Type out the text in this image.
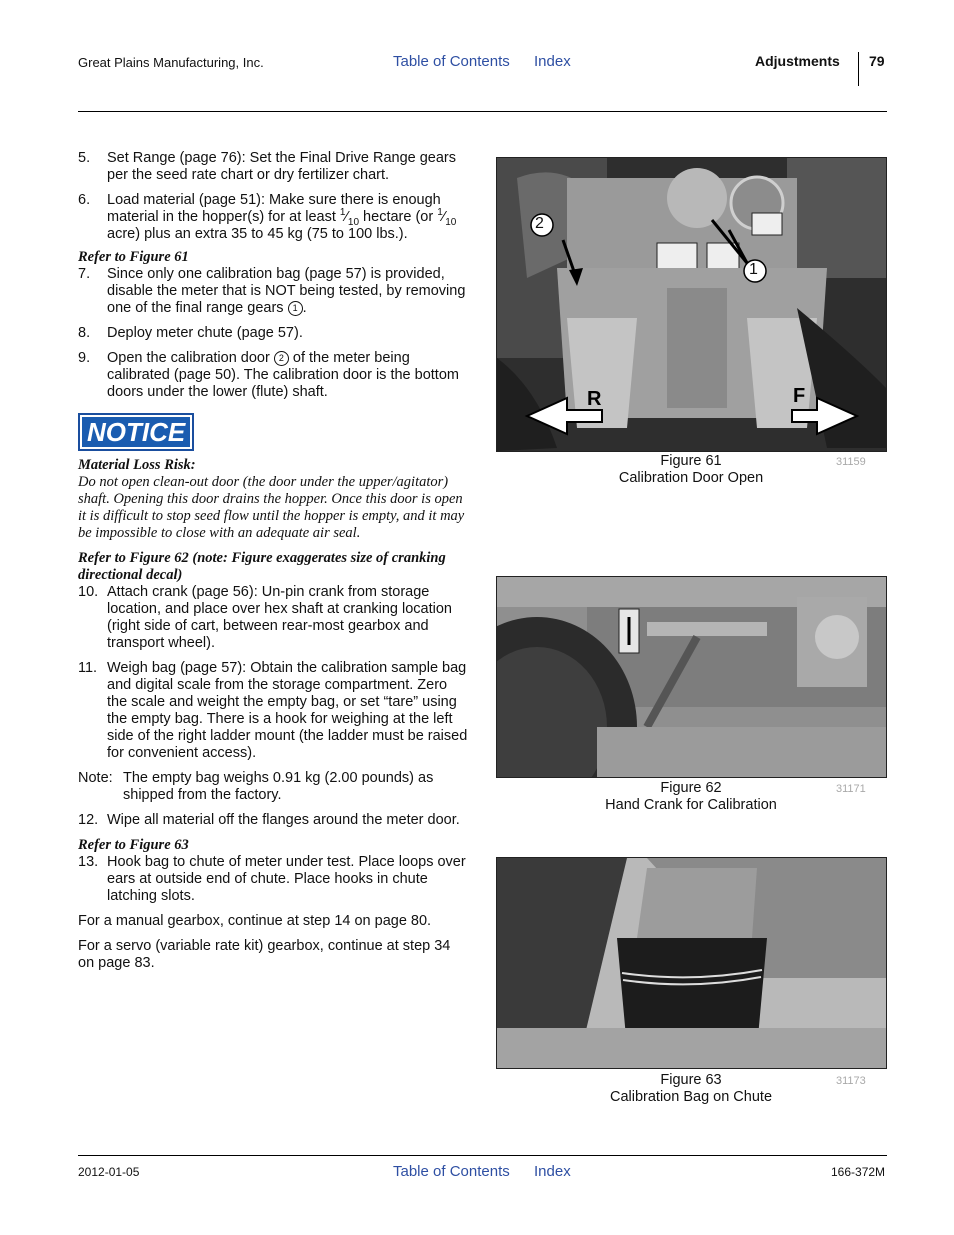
Great Plains Manufacturing, Inc.	Table of Contents Index	Adjustments 79
5. Set Range (page 76): Set the Final Drive Range gears per the seed rate chart or dry fertilizer chart.
6. Load material (page 51): Make sure there is enough material in the hopper(s) for at least $^1⁄_{10}$ hectare (or $^1⁄_{10}$ acre) plus an extra 35 to 45 kg (75 to 100 lbs.).
Refer to Figure 61
7. Since only one calibration bag (page 57) is provided, disable the meter that is NOT being tested, by removing one of the final range gears 1 .
8. Deploy meter chute (page 57).
9. Open the calibration door 2 of the meter being calibrated (page 50). The calibration door is the bottom doors under the lower (flute) shaft.
NOTICE
Material Loss Risk:
Do not open clean-out door (the door under the upper/agitator) shaft. Opening this door drains the hopper. Once this door is open it is difficult to stop seed flow until the hopper is empty, and it may be impossible to close with an adequate air seal.
Refer to Figure 62 (note: Figure exaggerates size of cranking directional decal)
10. Attach crank (page 56): Un-pin crank from storage location, and place over hex shaft at cranking location (right side of cart, between rear-most gearbox and transport wheel).
11. Weigh bag (page 57): Obtain the calibration sample bag and digital scale from the storage compartment. Zero the scale and weight the empty bag, or set “tare” using the empty bag. There is a hook for weighing at the left side of the right ladder mount (the ladder must be raised for convenient access).
Note: The empty bag weighs 0.91 kg (2.00 pounds) as shipped from the factory.
12. Wipe all material off the flanges around the meter door.
Refer to Figure 63
13. Hook bag to chute of meter under test. Place loops over ears at outside end of chute. Place hooks in chute latching slots.
For a manual gearbox, continue at step 14 on page 80.
For a servo (variable rate kit) gearbox, continue at step 34 on page 83.
2
1
R	F
Figure 61
Calibration Door Open
31159
Figure 62
Hand Crank for Calibration
31171
Figure 63
Calibration Bag on Chute
31173
2012-01-05	Table of Contents Index	166-372M
